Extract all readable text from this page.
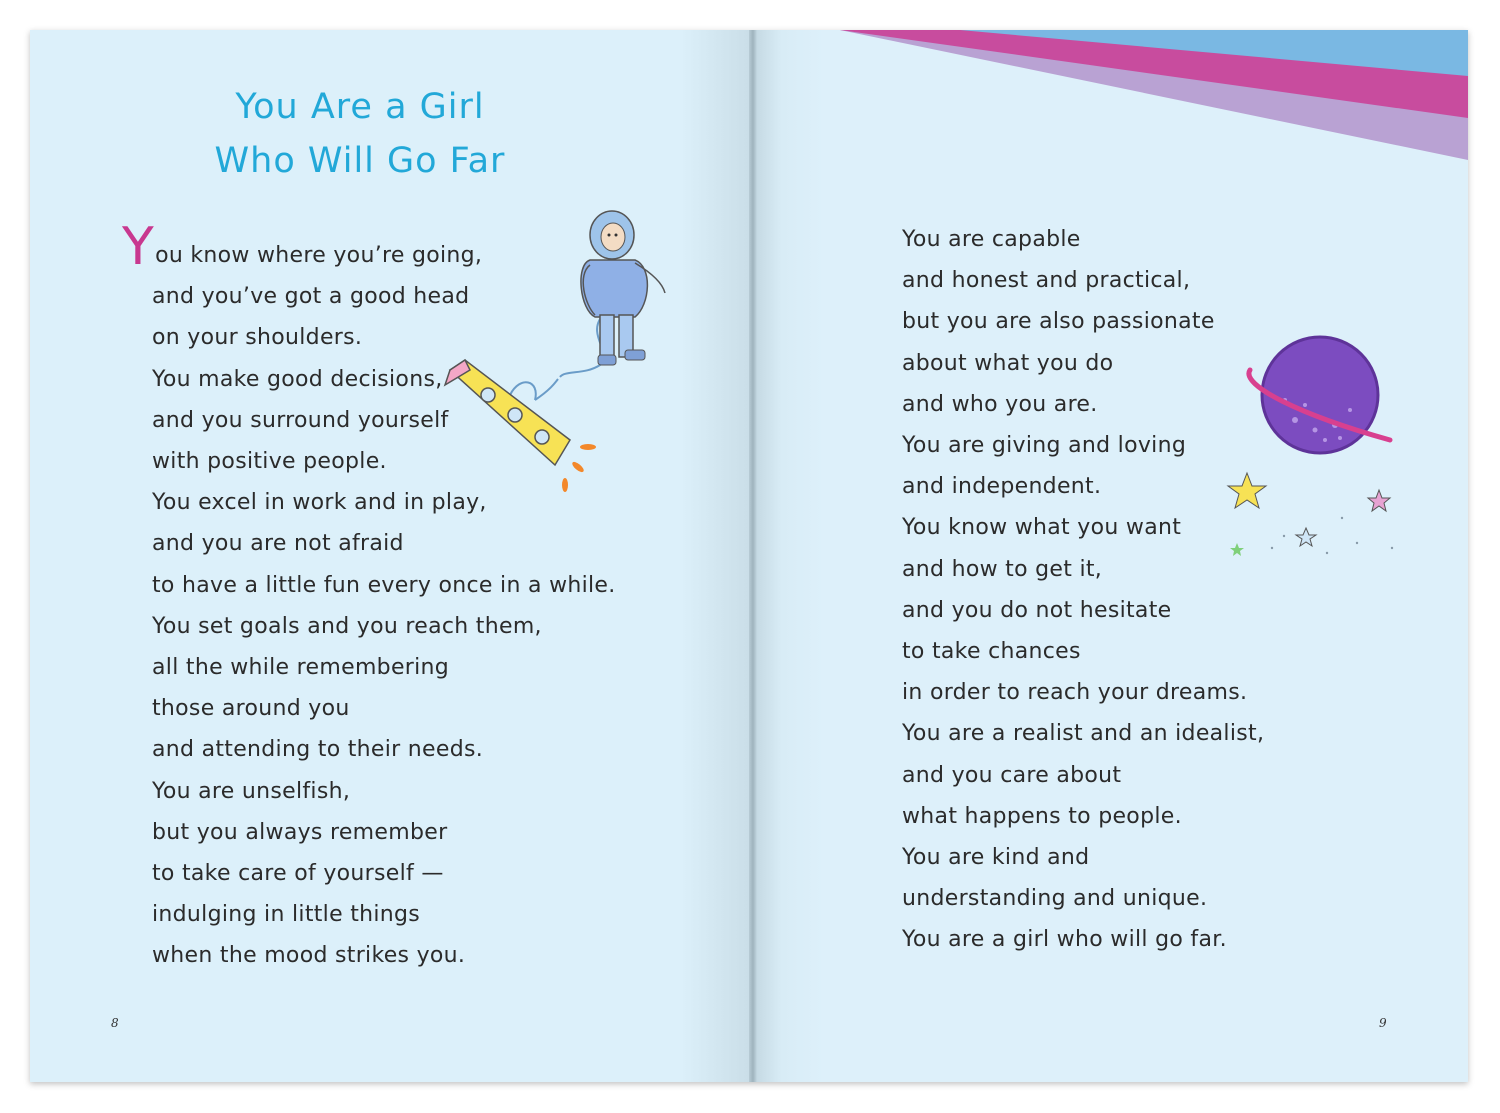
You Are a Girl
Who Will Go Far
You know where you’re going,
and you’ve got a good head
on your shoulders.
You make good decisions,
and you surround yourself
with positive people.
You excel in work and in play,
and you are not afraid
to have a little fun every once in a while.
You set goals and you reach them,
all the while remembering
those around you
and attending to their needs.
You are unselfish,
but you always remember
to take care of yourself —
indulging in little things
when the mood strikes you.
You are capable
and honest and practical,
but you are also passionate
about what you do
and who you are.
You are giving and loving
and independent.
You know what you want
and how to get it,
and you do not hesitate
to take chances
in order to reach your dreams.
You are a realist and an idealist,
and you care about
what happens to people.
You are kind and
understanding and unique.
You are a girl who will go far.
8	9
